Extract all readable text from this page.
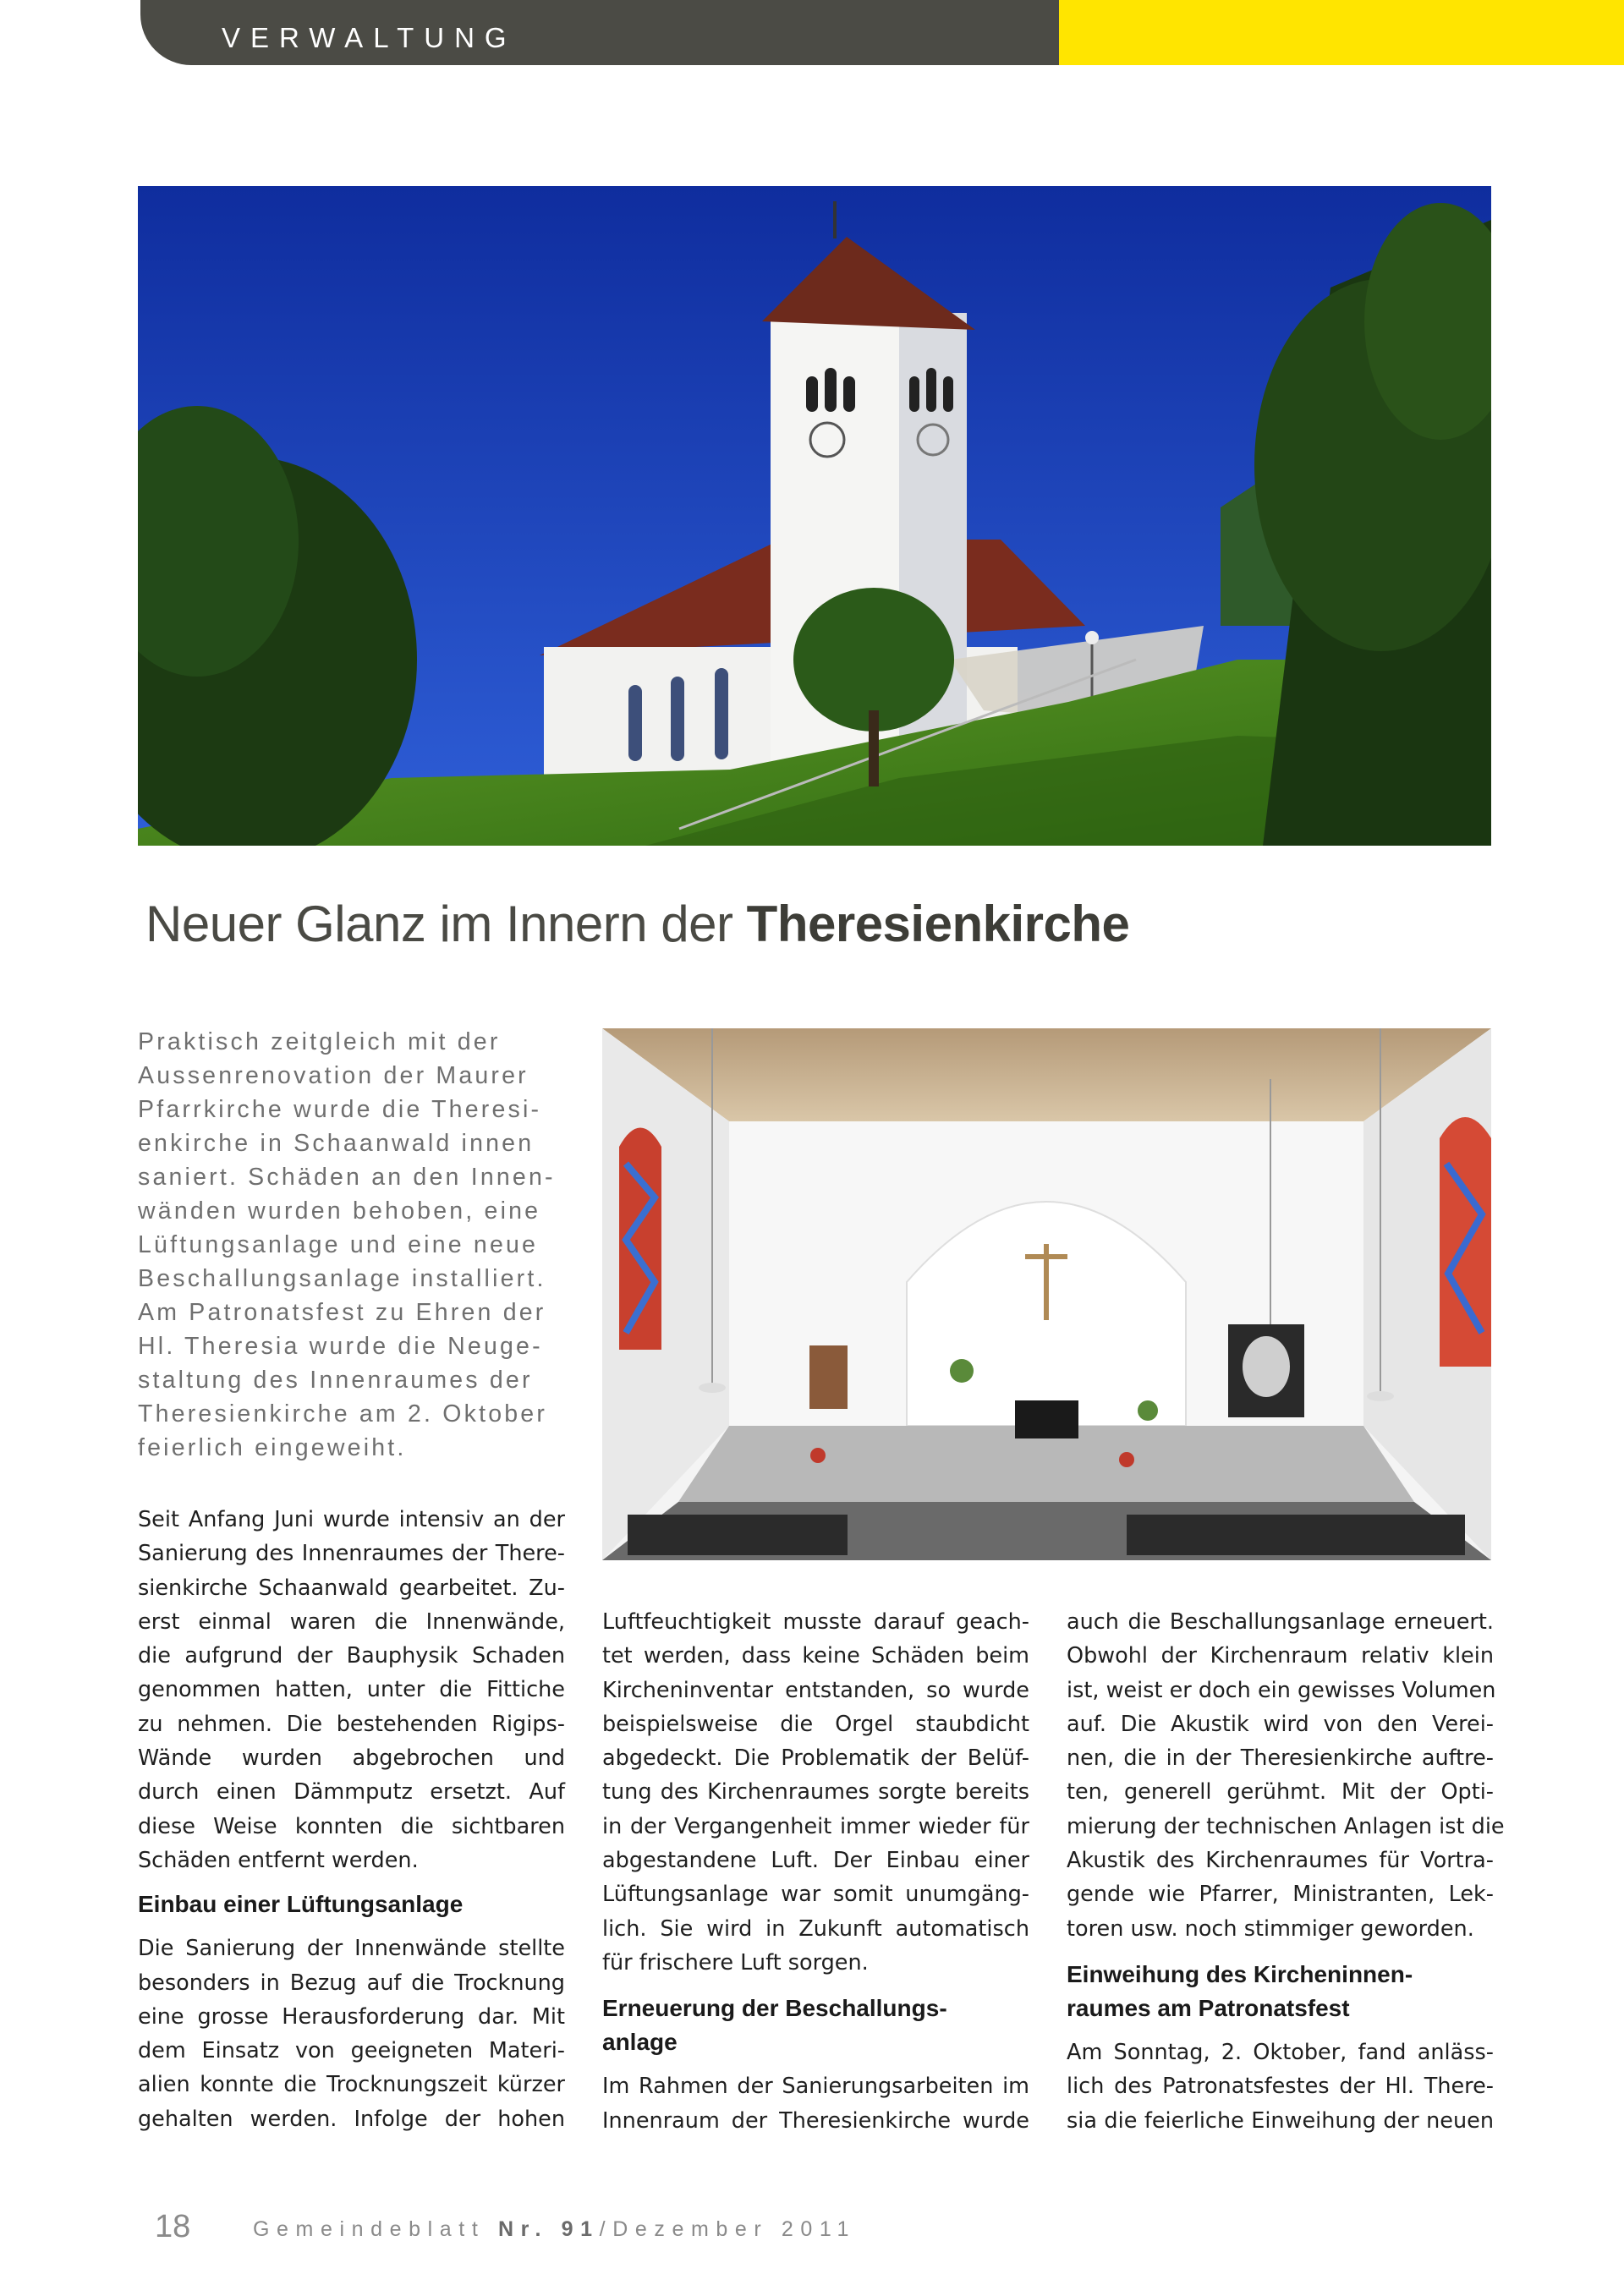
VERWALTUNG
Neuer Glanz im Innern der Theresienkirche
Praktisch zeitgleich mit der
Aussenrenovation der Maurer
Pfarrkirche wurde die Theresi-
enkirche in Schaanwald innen
saniert. Schäden an den Innen-
wänden wurden behoben, eine
Lüftungsanlage und eine neue
Beschallungsanlage installiert.
Am Patronatsfest zu Ehren der
Hl. Theresia wurde die Neuge-
staltung des Innenraumes der
Theresienkirche am 2. Oktober
feierlich eingeweiht.
Seit Anfang Juni wurde intensiv an der
Sanierung des Innenraumes der There-
sienkirche Schaanwald gearbeitet. Zu-
erst einmal waren die Innenwände,
die aufgrund der Bauphysik Schaden
genommen hatten, unter die Fittiche
zu nehmen. Die bestehenden Rigips-
Wände wurden abgebrochen und
durch einen Dämmputz ersetzt. Auf
diese Weise konnten die sichtbaren
Schäden entfernt werden.
Einbau einer Lüftungsanlage
Die Sanierung der Innenwände stellte
besonders in Bezug auf die Trocknung
eine grosse Herausforderung dar. Mit
dem Einsatz von geeigneten Materi-
alien konnte die Trocknungszeit kürzer
gehalten werden. Infolge der hohen
Luftfeuchtigkeit musste darauf geach-
tet werden, dass keine Schäden beim
Kircheninventar entstanden, so wurde
beispielsweise die Orgel staubdicht
abgedeckt. Die Problematik der Belüf-
tung des Kirchenraumes sorgte bereits
in der Vergangenheit immer wieder für
abgestandene Luft. Der Einbau einer
Lüftungsanlage war somit unumgäng-
lich. Sie wird in Zukunft automatisch
für frischere Luft sorgen.
Erneuerung der Beschallungs-
anlage
Im Rahmen der Sanierungsarbeiten im
Innenraum der Theresienkirche wurde
auch die Beschallungsanlage erneuert.
Obwohl der Kirchenraum relativ klein
ist, weist er doch ein gewisses Volumen
auf. Die Akustik wird von den Verei-
nen, die in der Theresienkirche auftre-
ten, generell gerühmt. Mit der Opti-
mierung der technischen Anlagen ist die
Akustik des Kirchenraumes für Vortra-
gende wie Pfarrer, Ministranten, Lek-
toren usw. noch stimmiger geworden.
Einweihung des Kircheninnen-
raumes am Patronatsfest
Am Sonntag, 2. Oktober, fand anläss-
lich des Patronatsfestes der Hl. There-
sia die feierliche Einweihung der neuen
18	Gemeindeblatt Nr. 91/Dezember 2011
